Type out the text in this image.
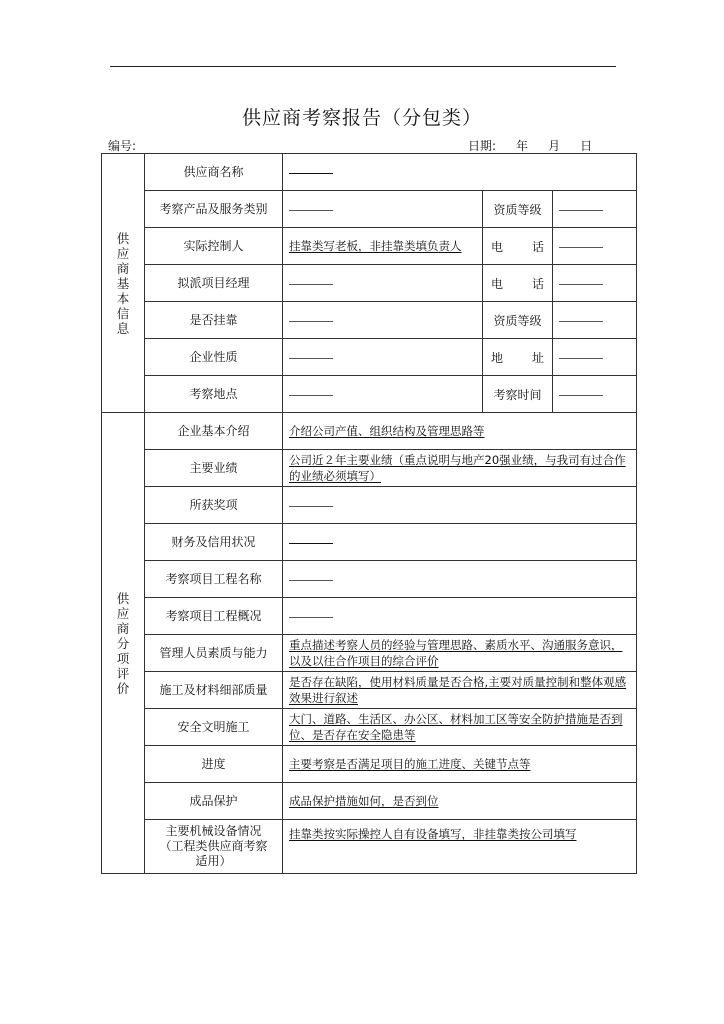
供应商考察报告（分包类）
编号:	日期: 年 月 日
供应商基本信息	供应商名称			
	考察产品及服务类别		资质等级	
	实际控制人	挂靠类写老板，非挂靠类填负责人	电　话	
	拟派项目经理		电　话	
	是否挂靠		资质等级	
	企业性质		地　址	
	考察地点		考察时间	
供应商分项评价	企业基本介绍	介绍公司产值、组织结构及管理思路等		
	主要业绩	公司近２年主要业绩（重点说明与地产20强业绩，与我司有过合作的业绩必须填写）		
	所获奖项			
	财务及信用状况			
	考察项目工程名称			
	考察项目工程概况			
	管理人员素质与能力	重点描述考察人员的经验与管理思路、素质水平、沟通服务意识，以及以往合作项目的综合评价		
	施工及材料细部质量	是否存在缺陷，使用材料质量是否合格,主要对质量控制和整体观感效果进行叙述		
	安全文明施工	大门、道路、生活区、办公区、材料加工区等安全防护措施是否到位、是否存在安全隐患等		
	进度	主要考察是否满足项目的施工进度、关键节点等		
	成品保护	成品保护措施如何，是否到位		
	主要机械设备情况（工程类供应商考察适用）	挂靠类按实际操控人自有设备填写，非挂靠类按公司填写		
